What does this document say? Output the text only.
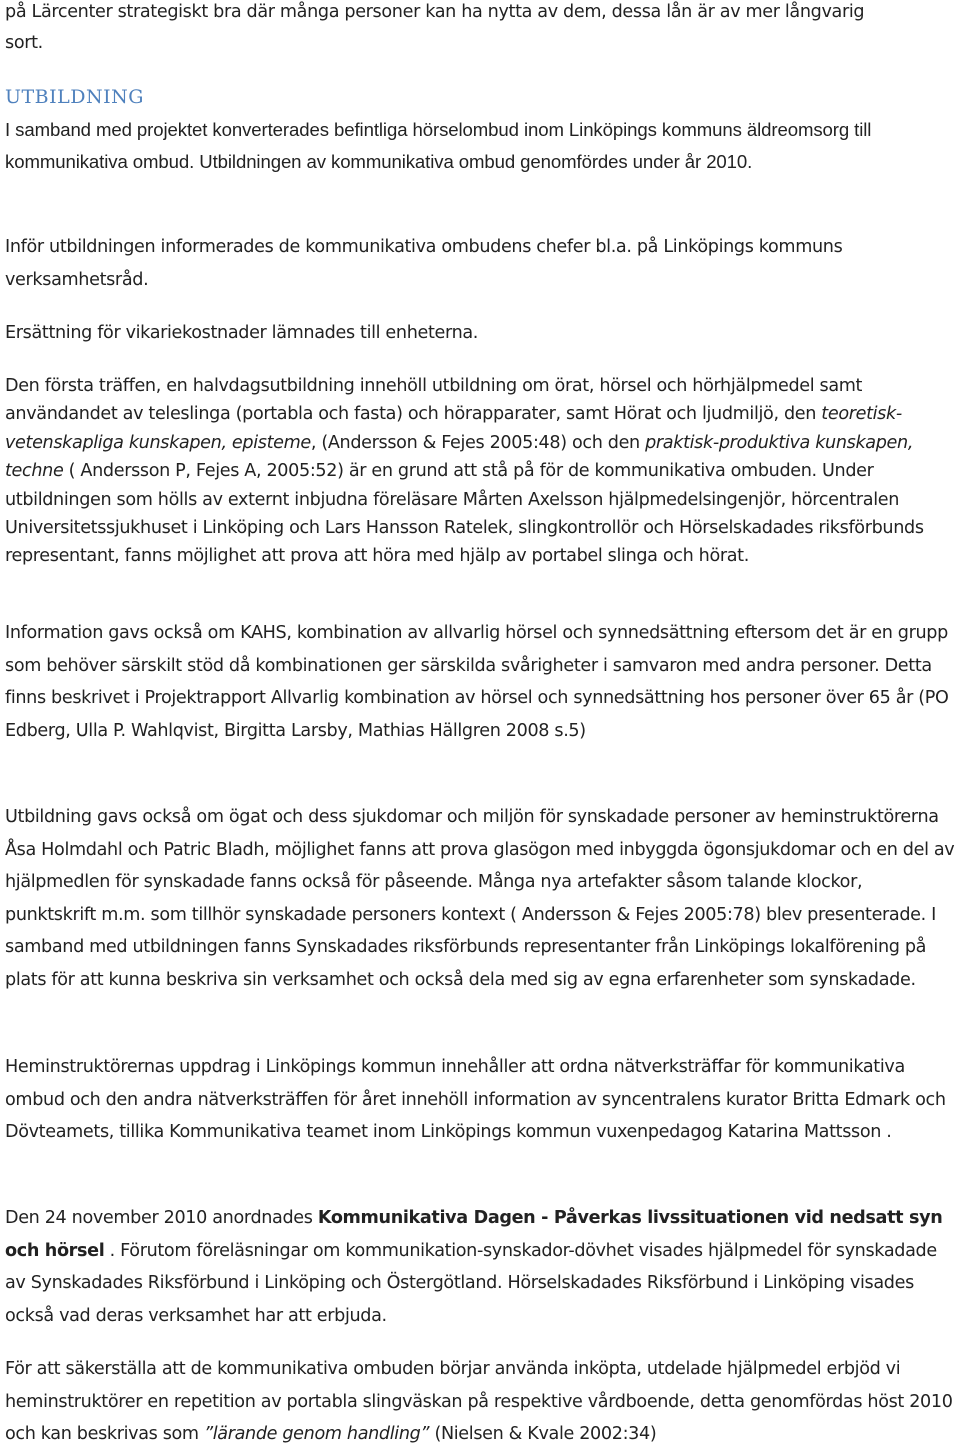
på Lärcenter strategiskt bra där många personer kan ha nytta av dem, dessa lån är av mer långvarig
sort.

UTBILDNING

I samband med projektet konverterades befintliga hörselombud inom Linköpings kommuns äldreomsorg till kommunikativa ombud. Utbildningen av kommunikativa ombud genomfördes under år 2010.

Inför utbildningen informerades de kommunikativa ombudens chefer bl.a. på Linköpings kommuns verksamhetsråd.

Ersättning för vikariekostnader lämnades till enheterna.

Den första träffen, en halvdagsutbildning innehöll utbildning om örat, hörsel och hörhjälpmedel samt användandet av teleslinga (portabla och fasta) och hörapparater, samt Hörat och ljudmiljö, den teoretisk-vetenskapliga kunskapen, episteme, (Andersson & Fejes 2005:48) och den praktisk-produktiva kunskapen, techne ( Andersson P, Fejes A, 2005:52) är en grund att stå på för de kommunikativa ombuden. Under utbildningen som hölls av externt inbjudna föreläsare Mårten Axelsson hjälpmedelsingenjör, hörcentralen Universitetssjukhuset i Linköping och Lars Hansson Ratelek, slingkontrollör och Hörselskadades riksförbunds representant, fanns möjlighet att prova att höra med hjälp av portabel slinga och hörat.

Information gavs också om KAHS, kombination av allvarlig hörsel och synnedsättning eftersom det är en grupp som behöver särskilt stöd då kombinationen ger särskilda svårigheter i samvaron med andra personer. Detta finns beskrivet i Projektrapport Allvarlig kombination av hörsel och synnedsättning hos personer över 65 år (PO Edberg, Ulla P. Wahlqvist, Birgitta Larsby, Mathias Hällgren 2008 s.5)

Utbildning gavs också om ögat och dess sjukdomar och miljön för synskadade personer av heminstruktörerna Åsa Holmdahl och Patric Bladh, möjlighet fanns att prova glasögon med inbyggda ögonsjukdomar och en del av hjälpmedlen för synskadade fanns också för påseende. Många nya artefakter såsom talande klockor, punktskrift m.m. som tillhör synskadade personers kontext ( Andersson & Fejes 2005:78) blev presenterade. I samband med utbildningen fanns Synskadades riksförbunds representanter från Linköpings lokalförening på plats för att kunna beskriva sin verksamhet och också dela med sig av egna erfarenheter som synskadade.

Heminstruktörernas uppdrag i Linköpings kommun innehåller att ordna nätverksträffar för kommunikativa ombud och den andra nätverksträffen för året innehöll information av syncentralens kurator Britta Edmark och Dövteamets, tillika Kommunikativa teamet inom Linköpings kommun vuxenpedagog Katarina Mattsson .

Den 24 november 2010 anordnades Kommunikativa Dagen - Påverkas livssituationen vid nedsatt syn och hörsel . Förutom föreläsningar om kommunikation-synskador-dövhet visades hjälpmedel för synskadade av Synskadades Riksförbund i Linköping och Östergötland. Hörselskadades Riksförbund i Linköping visades också vad deras verksamhet har att erbjuda.

För att säkerställa att de kommunikativa ombuden börjar använda inköpta, utdelade hjälpmedel erbjöd vi heminstruktörer en repetition av portabla slingväskan på respektive vårdboende, detta genomfördas höst 2010 och kan beskrivas som ”lärande genom handling” (Nielsen & Kvale 2002:34)
